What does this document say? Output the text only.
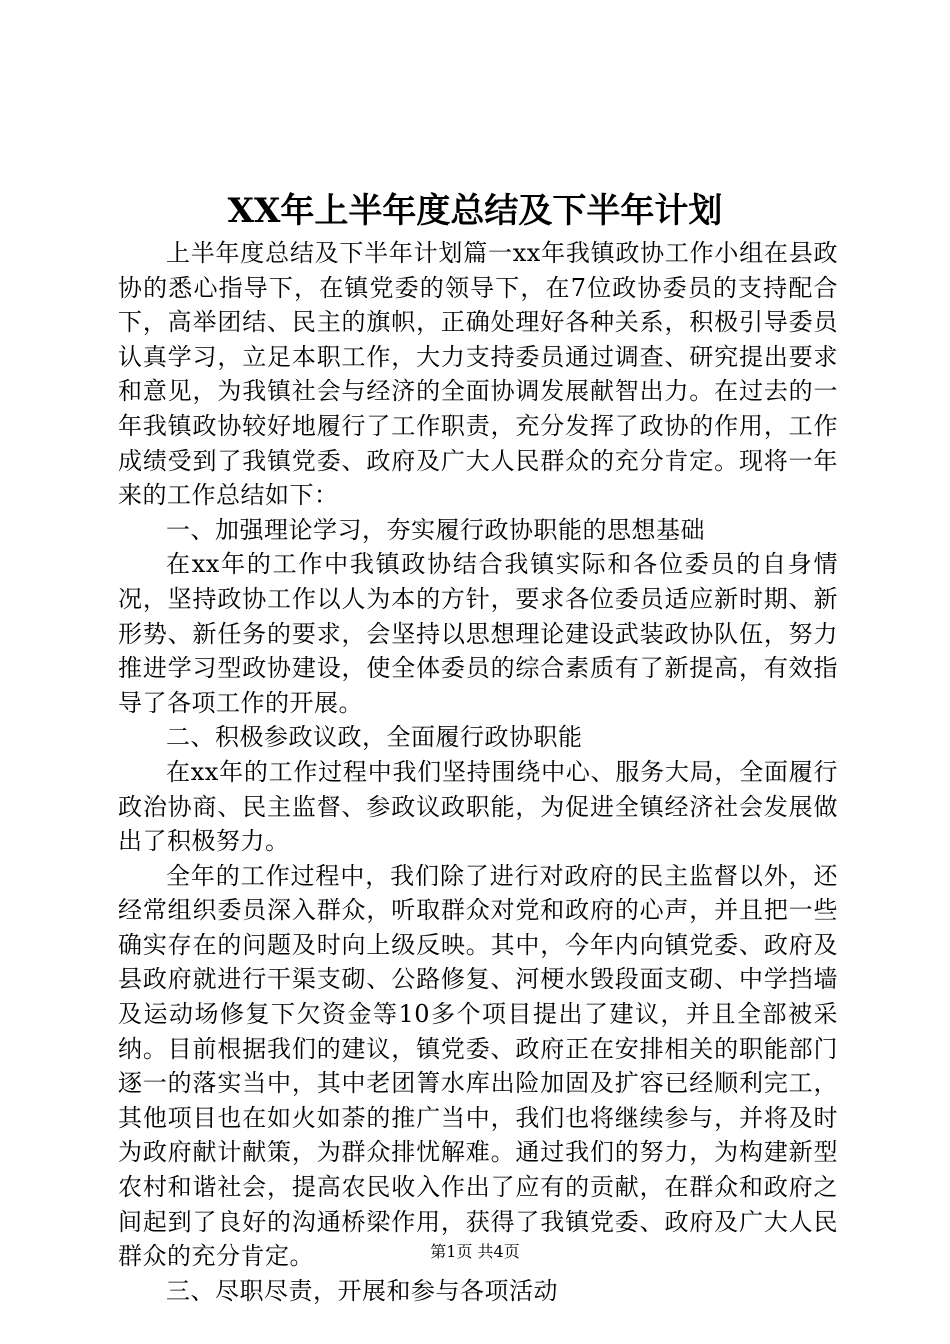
XX年上半年度总结及下半年计划

上半年度总结及下半年计划篇一xx年我镇政协工作小组在县政协的悉心指导下，在镇党委的领导下，在7位政协委员的支持配合下，高举团结、民主的旗帜，正确处理好各种关系，积极引导委员认真学习，立足本职工作，大力支持委员通过调查、研究提出要求和意见，为我镇社会与经济的全面协调发展献智出力。在过去的一年我镇政协较好地履行了工作职责，充分发挥了政协的作用，工作成绩受到了我镇党委、政府及广大人民群众的充分肯定。现将一年来的工作总结如下：

一、加强理论学习，夯实履行政协职能的思想基础

在xx年的工作中我镇政协结合我镇实际和各位委员的自身情况，坚持政协工作以人为本的方针，要求各位委员适应新时期、新形势、新任务的要求，会坚持以思想理论建设武装政协队伍，努力推进学习型政协建设，使全体委员的综合素质有了新提高，有效指导了各项工作的开展。

二、积极参政议政，全面履行政协职能

在xx年的工作过程中我们坚持围绕中心、服务大局，全面履行政治协商、民主监督、参政议政职能，为促进全镇经济社会发展做出了积极努力。

全年的工作过程中，我们除了进行对政府的民主监督以外，还经常组织委员深入群众，听取群众对党和政府的心声，并且把一些确实存在的问题及时向上级反映。其中，今年内向镇党委、政府及县政府就进行干渠支砌、公路修复、河梗水毁段面支砌、中学挡墙及运动场修复下欠资金等10多个项目提出了建议，并且全部被采纳。目前根据我们的建议，镇党委、政府正在安排相关的职能部门逐一的落实当中，其中老团箐水库出险加固及扩容已经顺利完工，其他项目也在如火如荼的推广当中，我们也将继续参与，并将及时为政府献计献策，为群众排忧解难。通过我们的努力，为构建新型农村和谐社会，提高农民收入作出了应有的贡献，在群众和政府之间起到了良好的沟通桥梁作用，获得了我镇党委、政府及广大人民群众的充分肯定。

三、尽职尽责，开展和参与各项活动

第1页 共4页
